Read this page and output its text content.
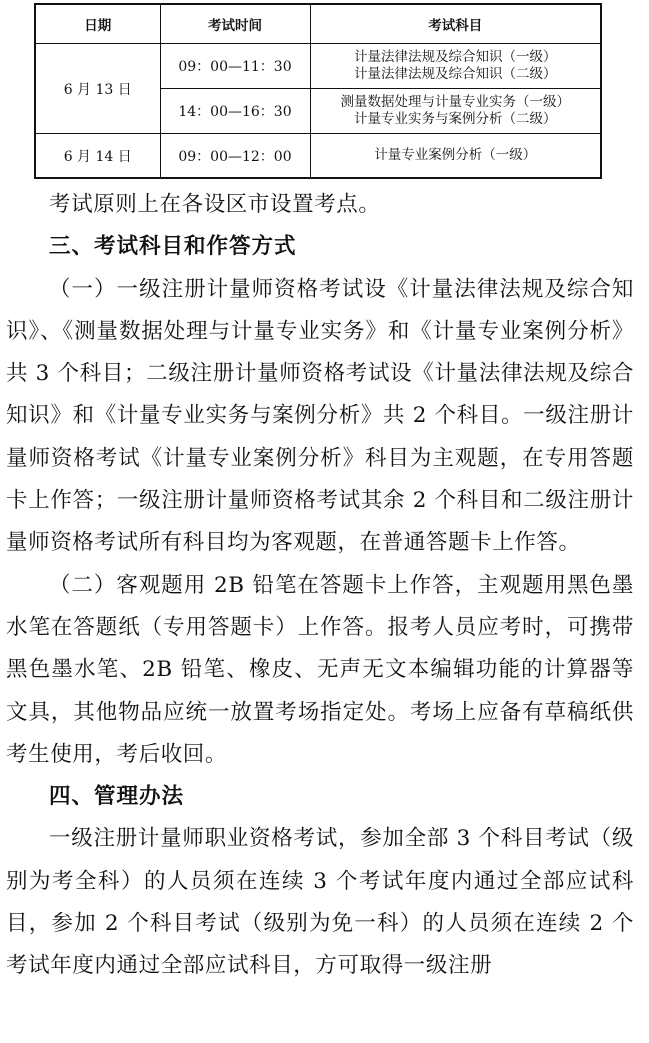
日期	考试时间	考试科目
6 月 13 日	09：00—11：30	计量法律法规及综合知识（一级）
计量法律法规及综合知识（二级）

	14：00—16：30	测量数据处理与计量专业实务（一级）
计量专业实务与案例分析（二级）

6 月 14 日	09：00—12：00	计量专业案例分析（一级）

考试原则上在各设区市设置考点。

三、考试科目和作答方式

（一）一级注册计量师资格考试设《计量法律法规及综合知识》、《测量数据处理与计量专业实务》和《计量专业案例分析》共 3 个科目；二级注册计量师资格考试设《计量法律法规及综合知识》和《计量专业实务与案例分析》共 2 个科目。一级注册计量师资格考试《计量专业案例分析》科目为主观题，在专用答题卡上作答；一级注册计量师资格考试其余 2 个科目和二级注册计量师资格考试所有科目均为客观题，在普通答题卡上作答。

（二）客观题用 2B 铅笔在答题卡上作答，主观题用黑色墨水笔在答题纸（专用答题卡）上作答。报考人员应考时，可携带黑色墨水笔、2B 铅笔、橡皮、无声无文本编辑功能的计算器等文具，其他物品应统一放置考场指定处。考场上应备有草稿纸供考生使用，考后收回。

四、管理办法

一级注册计量师职业资格考试，参加全部 3 个科目考试（级别为考全科）的人员须在连续 3 个考试年度内通过全部应试科目，参加 2 个科目考试（级别为免一科）的人员须在连续 2 个考试年度内通过全部应试科目，方可取得一级注册
